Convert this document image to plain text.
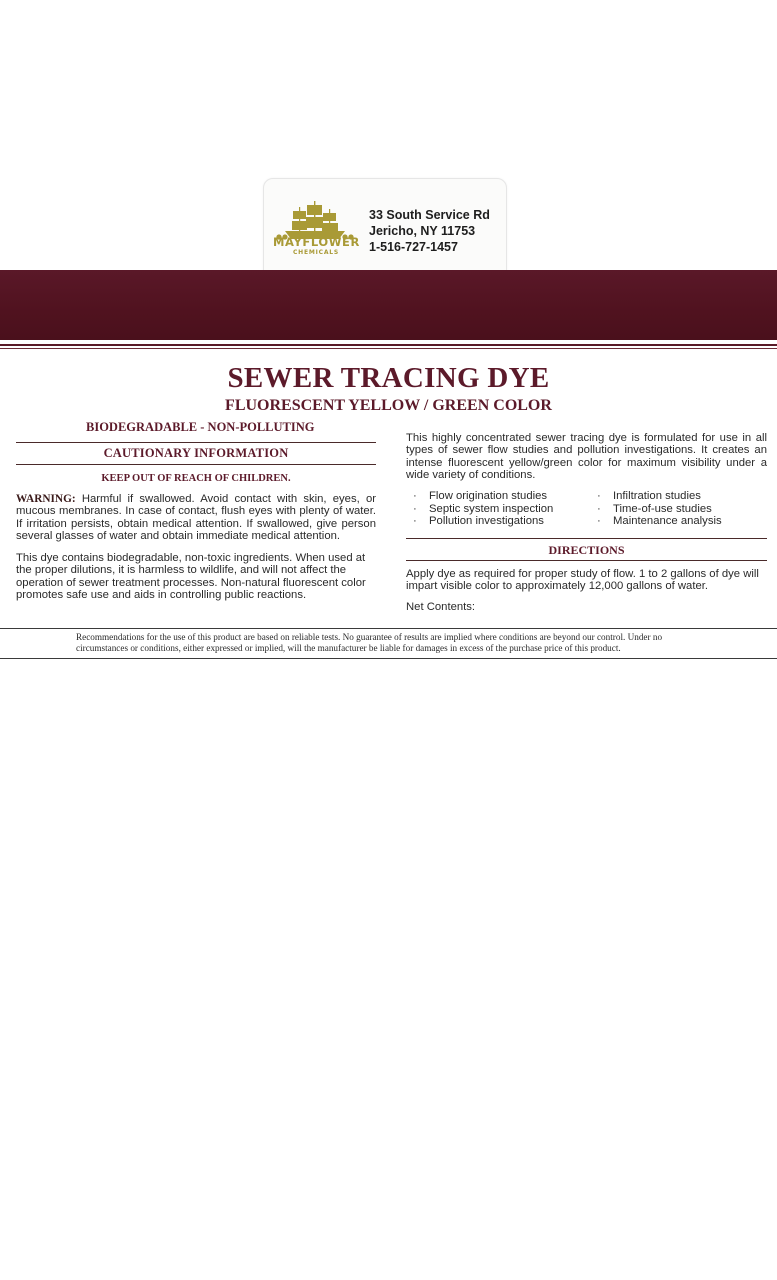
MAYFLOWER
CHEMICALS
33 South Service Rd
Jericho, NY 11753
1-516-727-1457
SEWER TRACING DYE
FLUORESCENT YELLOW / GREEN COLOR
BIODEGRADABLE - NON-POLLUTING
CAUTIONARY INFORMATION
KEEP OUT OF REACH OF CHILDREN.
WARNING: Harmful if swallowed. Avoid contact with skin, eyes, or mucous membranes. In case of contact, flush eyes with plenty of water. If irritation persists, obtain medical attention. If swallowed, give person several glasses of water and obtain immediate medical attention.
This dye contains biodegradable, non-toxic ingredients. When used at the proper dilutions, it is harmless to wildlife, and will not affect the operation of sewer treatment processes. Non-natural fluorescent color promotes safe use and aids in controlling public reactions.
This highly concentrated sewer tracing dye is formulated for use in all types of sewer flow studies and pollution investigations. It creates an intense fluorescent yellow/green color for maximum visibility under a wide variety of conditions.
· Flow origination studies
· Septic system inspection
· Pollution investigations
· Infiltration studies
· Time-of-use studies
· Maintenance analysis
DIRECTIONS
Apply dye as required for proper study of flow. 1 to 2 gallons of dye will impart visible color to approximately 12,000 gallons of water.
Net Contents:
Recommendations for the use of this product are based on reliable tests. No guarantee of results are implied where conditions are beyond our control. Under no circumstances or conditions, either expressed or implied, will the manufacturer be liable for damages in excess of the purchase price of this product.
